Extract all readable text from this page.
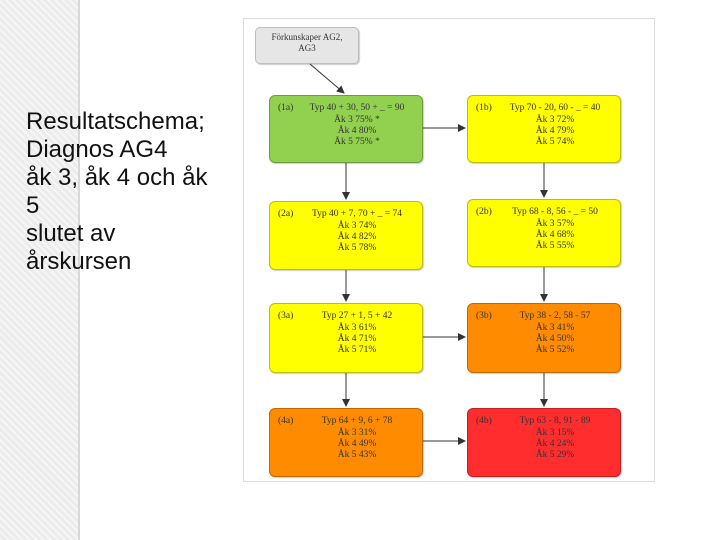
Resultatschema;
Diagnos AG4
åk 3, åk 4 och åk
5
slutet av
årskursen
Förkunskaper AG2,
AG3
(1a)	Typ 40 + 30, 50 + _ = 90
Åk 3 75% *
Åk 4 80%
Åk 5 75% *
(1b)	Typ 70 - 20, 60 - _ = 40
Åk 3 72%
Åk 4 79%
Åk 5 74%
(2a)	Typ 40 + 7, 70 + _ = 74
Åk 3 74%
Åk 4 82%
Åk 5 78%
(2b)	Typ 68 - 8, 56 - _ = 50
Åk 3 57%
Åk 4 68%
Åk 5 55%
(3a)	Typ 27 + 1, 5 + 42
Åk 3 61%
Åk 4 71%
Åk 5 71%
(3b)	Typ 38 - 2, 58 - 57
Åk 3 41%
Åk 4 50%
Åk 5 52%
(4a)	Typ 64 + 9, 6 + 78
Åk 3 31%
Åk 4 49%
Åk 5 43%
(4b)	Typ 63 - 8, 91 - 89
Åk 3 15%
Åk 4 24%
Åk 5 29%
